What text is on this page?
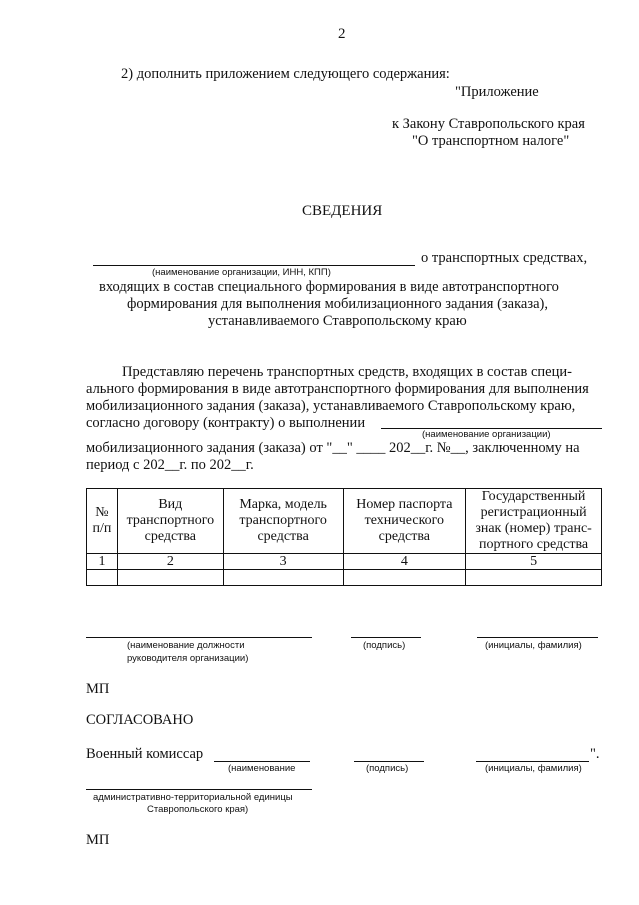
2
2) дополнить приложением следующего содержания:
"Приложение
к Закону Ставропольского края
"О транспортном налоге"
СВЕДЕНИЯ
о транспортных средствах,
(наименование организации, ИНН, КПП)
входящих в состав специального формирования в виде автотранспортного
формирования для выполнения мобилизационного задания (заказа),
устанавливаемого Ставропольскому краю
Представляю перечень транспортных средств, входящих в состав специ-
ального формирования в виде автотранспортного формирования для выполнения
мобилизационного задания (заказа), устанавливаемого Ставропольскому краю,
согласно договору (контракту) о выполнении
(наименование организации)
мобилизационного задания (заказа) от "__" ____ 202__г. №__, заключенному на
период с 202__г. по 202__г.
№ п/п	Вид транспортного средства	Марка, модель транспортного средства	Номер паспорта технического средства	Государственный регистрационный знак (номер) транс-портного средства
1	2	3	4	5

(наименование должности
руководителя организации)
(подпись)	(инициалы, фамилия)
МП
СОГЛАСОВАНО
Военный комиссар	".
(наименование	(подпись)	(инициалы, фамилия)
административно-территориальной единицы
Ставропольского края)
МП
